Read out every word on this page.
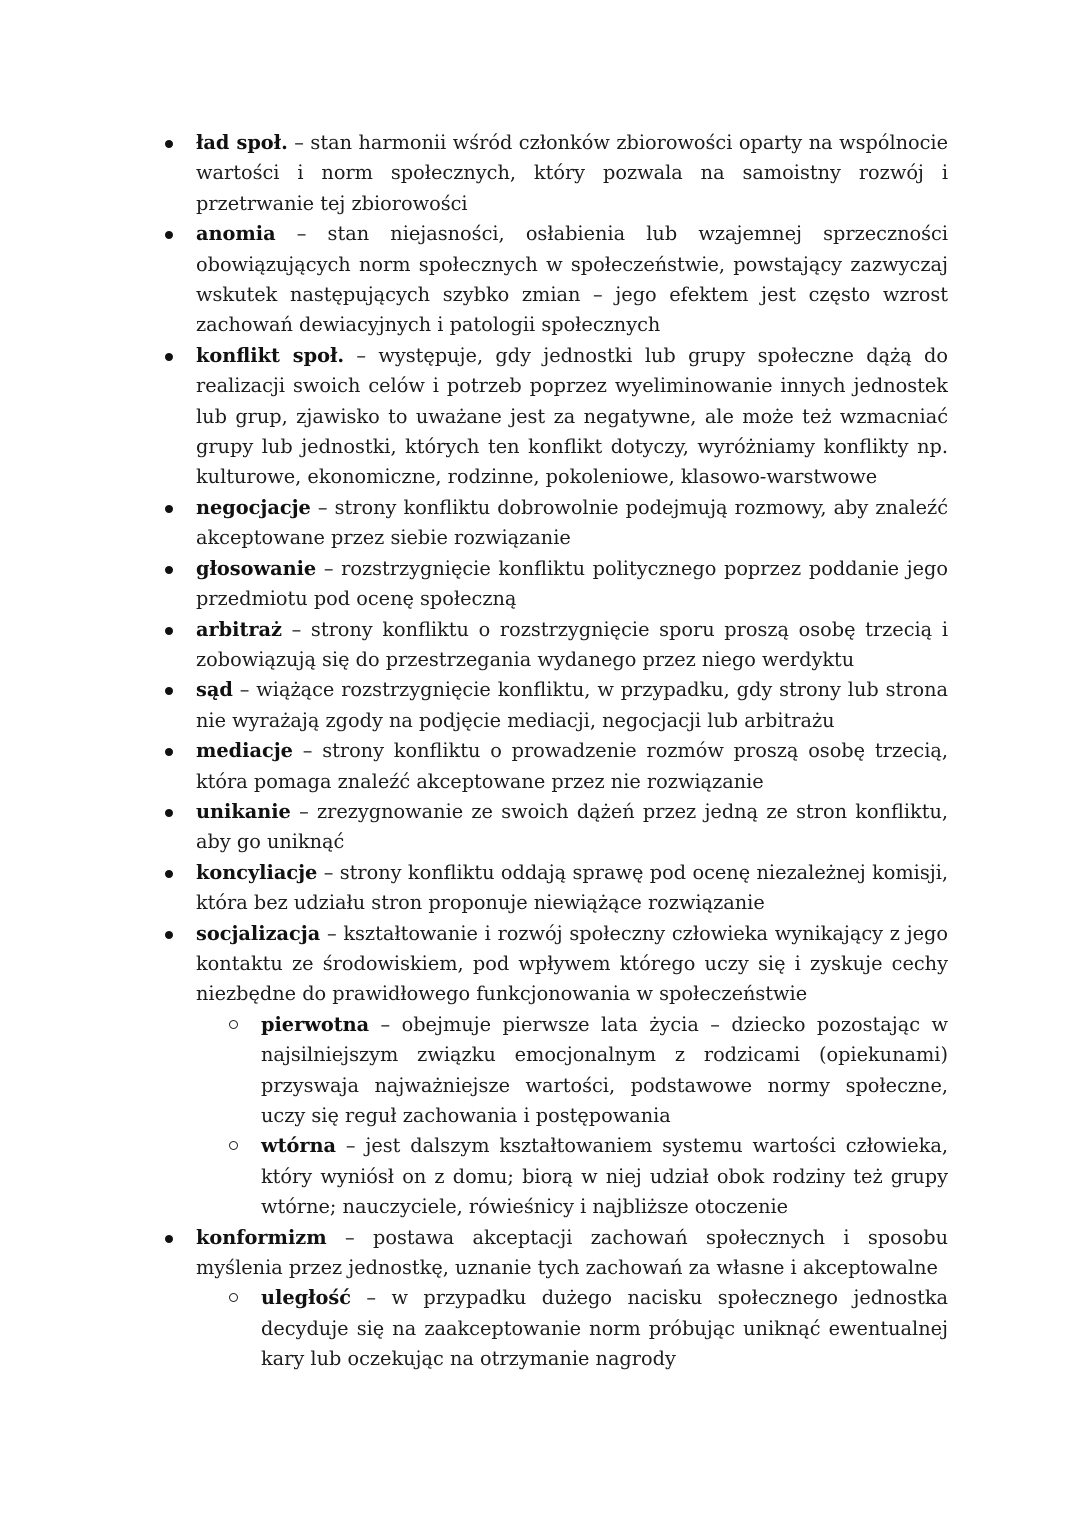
ład społ. – stan harmonii wśród członków zbiorowości oparty na wspólnocie wartości i norm społecznych, który pozwala na samoistny rozwój i przetrwanie tej zbiorowości
anomia – stan niejasności, osłabienia lub wzajemnej sprzeczności obowiązujących norm społecznych w społeczeństwie, powstający zazwyczaj wskutek następujących szybko zmian – jego efektem jest często wzrost zachowań dewiacyjnych i patologii społecznych
konflikt społ. – występuje, gdy jednostki lub grupy społeczne dążą do realizacji swoich celów i potrzeb poprzez wyeliminowanie innych jednostek lub grup, zjawisko to uważane jest za negatywne, ale może też wzmacniać grupy lub jednostki, których ten konflikt dotyczy, wyróżniamy konflikty np. kulturowe, ekonomiczne, rodzinne, pokoleniowe, klasowo-warstwowe
negocjacje – strony konfliktu dobrowolnie podejmują rozmowy, aby znaleźć akceptowane przez siebie rozwiązanie
głosowanie – rozstrzygnięcie konfliktu politycznego poprzez poddanie jego przedmiotu pod ocenę społeczną
arbitraż – strony konfliktu o rozstrzygnięcie sporu proszą osobę trzecią i zobowiązują się do przestrzegania wydanego przez niego werdyktu
sąd – wiążące rozstrzygnięcie konfliktu, w przypadku, gdy strony lub strona nie wyrażają zgody na podjęcie mediacji, negocjacji lub arbitrażu
mediacje – strony konfliktu o prowadzenie rozmów proszą osobę trzecią, która pomaga znaleźć akceptowane przez nie rozwiązanie
unikanie – zrezygnowanie ze swoich dążeń przez jedną ze stron konfliktu, aby go uniknąć
koncyliacje – strony konfliktu oddają sprawę pod ocenę niezależnej komisji, która bez udziału stron proponuje niewiążące rozwiązanie
socjalizacja – kształtowanie i rozwój społeczny człowieka wynikający z jego kontaktu ze środowiskiem, pod wpływem którego uczy się i zyskuje cechy niezbędne do prawidłowego funkcjonowania w społeczeństwie
pierwotna – obejmuje pierwsze lata życia – dziecko pozostając w najsilniejszym związku emocjonalnym z rodzicami (opiekunami) przyswaja najważniejsze wartości, podstawowe normy społeczne, uczy się reguł zachowania i postępowania
wtórna – jest dalszym kształtowaniem systemu wartości człowieka, który wyniósł on z domu; biorą w niej udział obok rodziny też grupy wtórne; nauczyciele, rówieśnicy i najbliższe otoczenie
konformizm – postawa akceptacji zachowań społecznych i sposobu myślenia przez jednostkę, uznanie tych zachowań za własne i akceptowalne
uległość – w przypadku dużego nacisku społecznego jednostka decyduje się na zaakceptowanie norm próbując uniknąć ewentualnej kary lub oczekując na otrzymanie nagrody
